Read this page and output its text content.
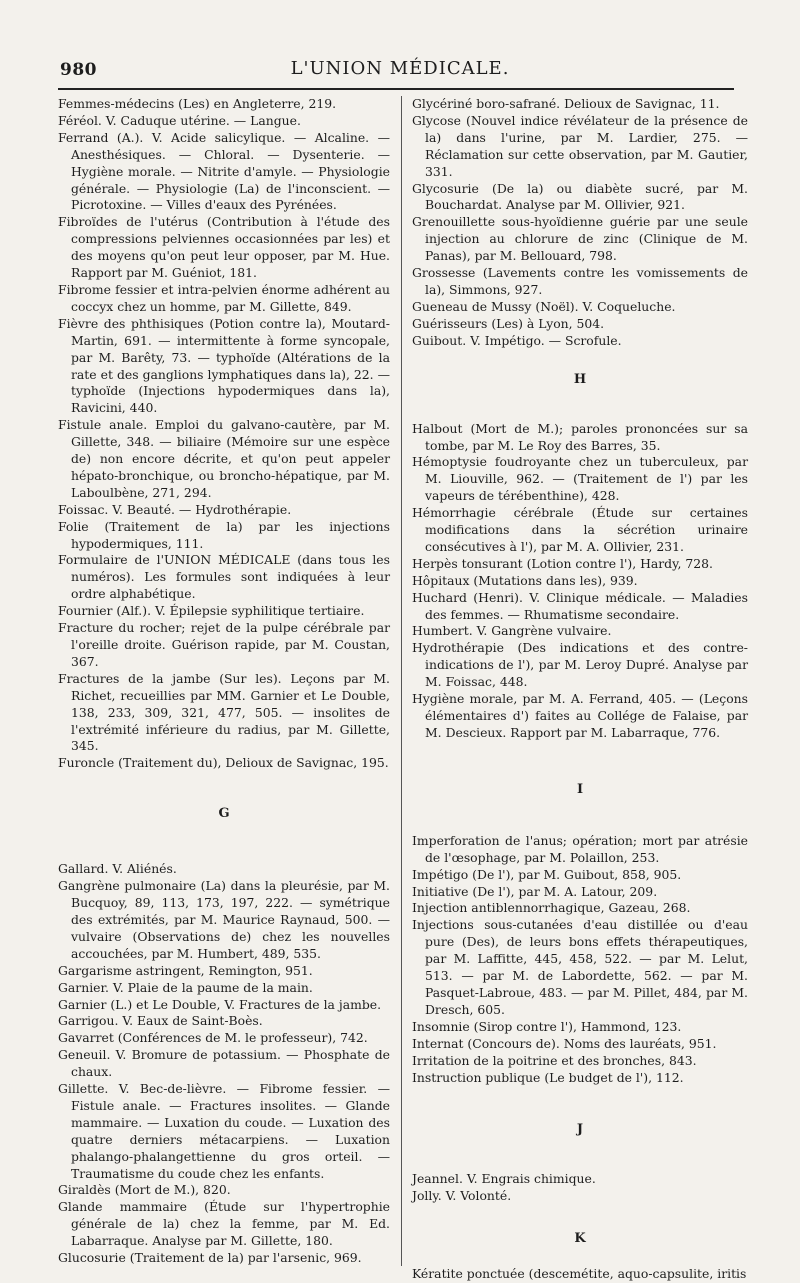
980	L'UNION MÉDICALE.

Femmes-médecins (Les) en Angleterre, 219.

Féréol. V. Caduque utérine. — Langue.

Ferrand (A.). V. Acide salicylique. — Alcaline. — Anesthésiques. — Chloral. — Dysenterie. — Hygiène morale. — Nitrite d'amyle. — Physiologie générale. — Physiologie (La) de l'inconscient. — Picrotoxine. — Villes d'eaux des Pyrénées.

Fibroïdes de l'utérus (Contribution à l'étude des compressions pelviennes occasionnées par les) et des moyens qu'on peut leur opposer, par M. Hue. Rapport par M. Guéniot, 181.

Fibrome fessier et intra-pelvien énorme adhérent au coccyx chez un homme, par M. Gillette, 849.

Fièvre des phthisiques (Potion contre la), Moutard-Martin, 691. — intermittente à forme syncopale, par M. Barêty, 73. — typhoïde (Altérations de la rate et des ganglions lymphatiques dans la), 22. — typhoïde (Injections hypodermiques dans la), Ravicini, 440.

Fistule anale. Emploi du galvano-cautère, par M. Gillette, 348. — biliaire (Mémoire sur une espèce de) non encore décrite, et qu'on peut appeler hépato-bronchique, ou broncho-hépatique, par M. Laboulbène, 271, 294.

Foissac. V. Beauté. — Hydrothérapie.

Folie (Traitement de la) par les injections hypodermiques, 111.

Formulaire de l'UNION MÉDICALE (dans tous les numéros). Les formules sont indiquées à leur ordre alphabétique.

Fournier (Alf.). V. Épilepsie syphilitique tertiaire.

Fracture du rocher; rejet de la pulpe cérébrale par l'oreille droite. Guérison rapide, par M. Coustan, 367.

Fractures de la jambe (Sur les). Leçons par M. Richet, recueillies par MM. Garnier et Le Double, 138, 233, 309, 321, 477, 505. — insolites de l'extrémité inférieure du radius, par M. Gillette, 345.

Furoncle (Traitement du), Delioux de Savignac, 195.

G

Gallard. V. Aliénés.

Gangrène pulmonaire (La) dans la pleurésie, par M. Bucquoy, 89, 113, 173, 197, 222. — symétrique des extrémités, par M. Maurice Raynaud, 500. — vulvaire (Observations de) chez les nouvelles accouchées, par M. Humbert, 489, 535.

Gargarisme astringent, Remington, 951.

Garnier. V. Plaie de la paume de la main.

Garnier (L.) et Le Double, V. Fractures de la jambe.

Garrigou. V. Eaux de Saint-Boès.

Gavarret (Conférences de M. le professeur), 742.

Geneuil. V. Bromure de potassium. — Phosphate de chaux.

Gillette. V. Bec-de-lièvre. — Fibrome fessier. — Fistule anale. — Fractures insolites. — Glande mammaire. — Luxation du coude. — Luxation des quatre derniers métacarpiens. — Luxation phalango-phalangettienne du gros orteil. — Traumatisme du coude chez les enfants.

Giraldès (Mort de M.), 820.

Glande mammaire (Étude sur l'hypertrophie générale de la) chez la femme, par M. Ed. Labarraque. Analyse par M. Gillette, 180.

Glucosurie (Traitement de la) par l'arsenic, 969.

Glycériné boro-safrané. Delioux de Savignac, 11.

Glycose (Nouvel indice révélateur de la présence de la) dans l'urine, par M. Lardier, 275. — Réclamation sur cette observation, par M. Gautier, 331.

Glycosurie (De la) ou diabète sucré, par M. Bouchardat. Analyse par M. Ollivier, 921.

Grenouillette sous-hyoïdienne guérie par une seule injection au chlorure de zinc (Clinique de M. Panas), par M. Bellouard, 798.

Grossesse (Lavements contre les vomissements de la), Simmons, 927.

Gueneau de Mussy (Noël). V. Coqueluche.

Guérisseurs (Les) à Lyon, 504.

Guibout. V. Impétigo. — Scrofule.

H

Halbout (Mort de M.); paroles prononcées sur sa tombe, par M. Le Roy des Barres, 35.

Hémoptysie foudroyante chez un tuberculeux, par M. Liouville, 962. — (Traitement de l') par les vapeurs de térébenthine), 428.

Hémorrhagie cérébrale (Étude sur certaines modifications dans la sécrétion urinaire consécutives à l'), par M. A. Ollivier, 231.

Herpès tonsurant (Lotion contre l'), Hardy, 728.

Hôpitaux (Mutations dans les), 939.

Huchard (Henri). V. Clinique médicale. — Maladies des femmes. — Rhumatisme secondaire.

Humbert. V. Gangrène vulvaire.

Hydrothérapie (Des indications et des contre-indications de l'), par M. Leroy Dupré. Analyse par M. Foissac, 448.

Hygiène morale, par M. A. Ferrand, 405. — (Leçons élémentaires d') faites au Collége de Falaise, par M. Descieux. Rapport par M. Labarraque, 776.

I

Imperforation de l'anus; opération; mort par atrésie de l'œsophage, par M. Polaillon, 253.

Impétigo (De l'), par M. Guibout, 858, 905.

Initiative (De l'), par M. A. Latour, 209.

Injection antiblennorrhagique, Gazeau, 268.

Injections sous-cutanées d'eau distillée ou d'eau pure (Des), de leurs bons effets thérapeutiques, par M. Laffitte, 445, 458, 522. — par M. Lelut, 513. — par M. de Labordette, 562. — par M. Pasquet-Labroue, 483. — par M. Pillet, 484, par M. Dresch, 605.

Insomnie (Sirop contre l'), Hammond, 123.

Internat (Concours de). Noms des lauréats, 951.

Irritation de la poitrine et des bronches, 843.

Instruction publique (Le budget de l'), 112.

J

Jeannel. V. Engrais chimique.

Jolly. V. Volonté.

K

Kératite ponctuée (descemétite, aquo-capsulite, iritis
